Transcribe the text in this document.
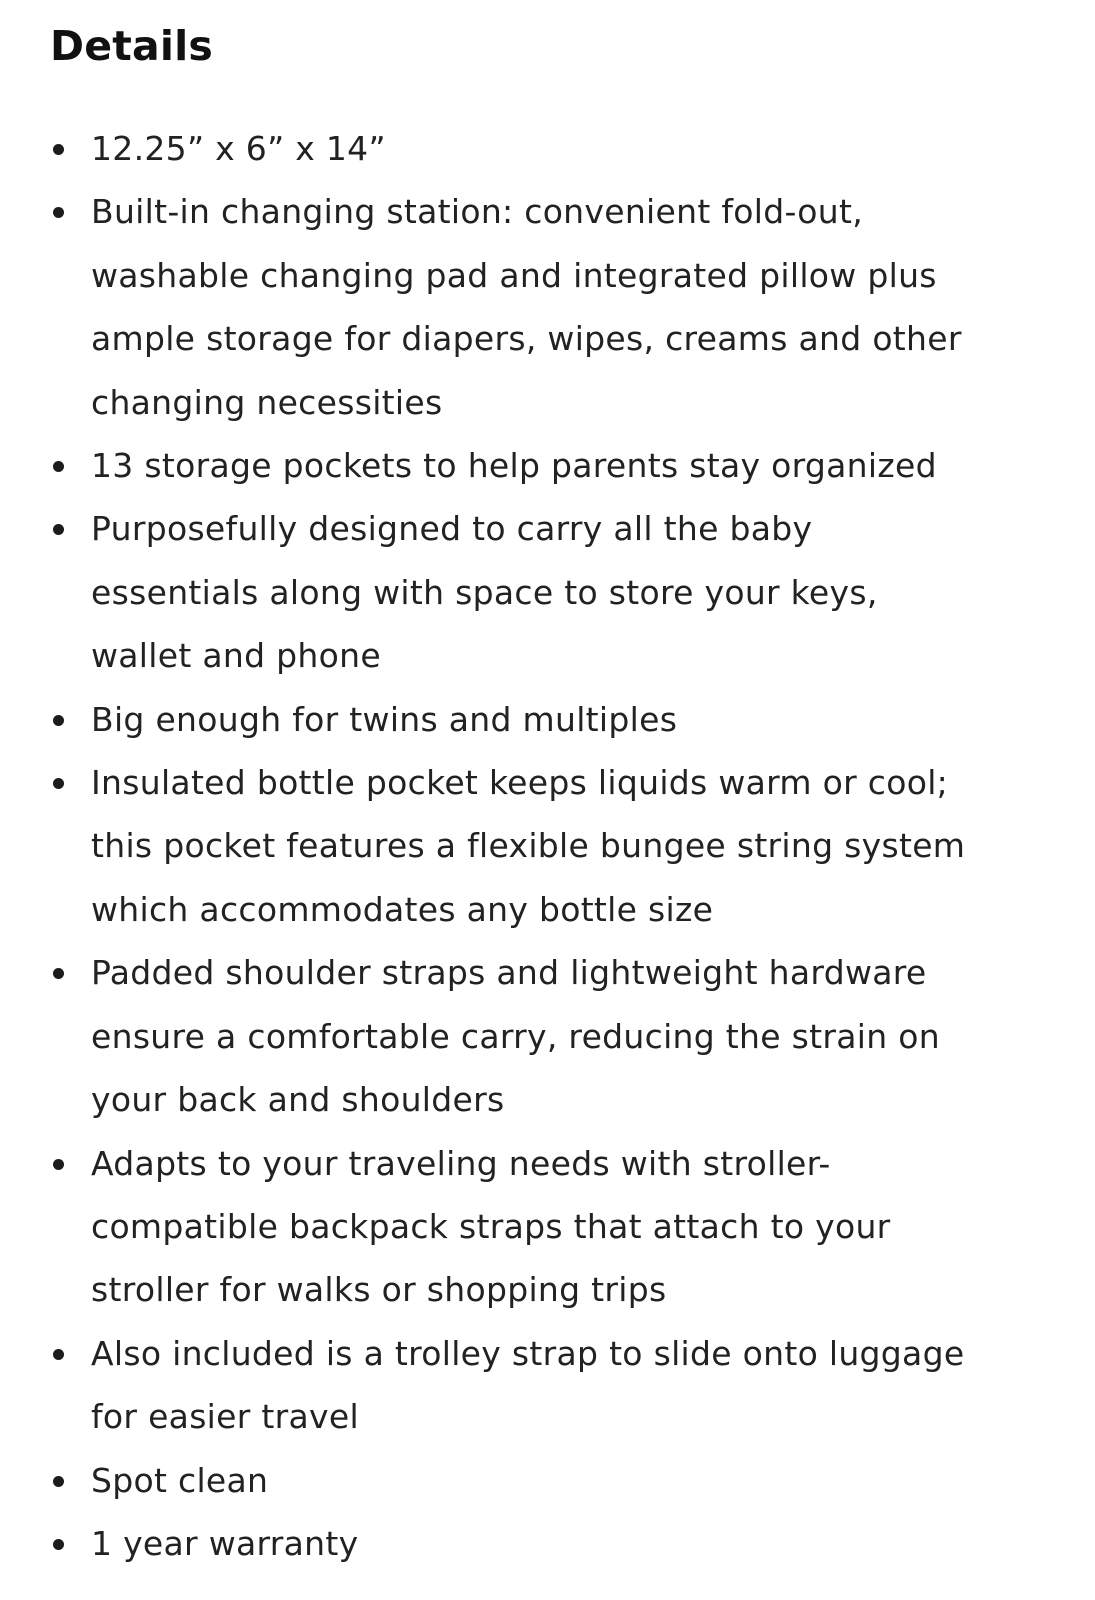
Details
12.25” x 6” x 14”
Built-in changing station: convenient fold-out,
washable changing pad and integrated pillow plus
ample storage for diapers, wipes, creams and other
changing necessities
13 storage pockets to help parents stay organized
Purposefully designed to carry all the baby
essentials along with space to store your keys,
wallet and phone
Big enough for twins and multiples
Insulated bottle pocket keeps liquids warm or cool;
this pocket features a flexible bungee string system
which accommodates any bottle size
Padded shoulder straps and lightweight hardware
ensure a comfortable carry, reducing the strain on
your back and shoulders
Adapts to your traveling needs with stroller-
compatible backpack straps that attach to your
stroller for walks or shopping trips
Also included is a trolley strap to slide onto luggage
for easier travel
Spot clean
1 year warranty
